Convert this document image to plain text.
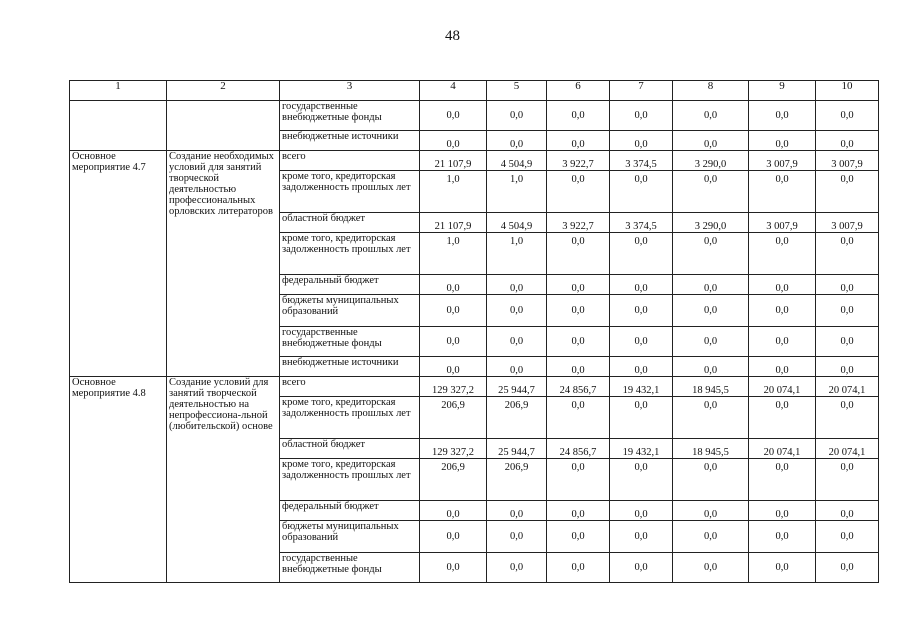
48
1	2	3	4	5	6	7	8	9	10
		государственные внебюджетные фонды	0,0	0,0	0,0	0,0	0,0	0,0	0,0
		внебюджетные источники	0,0	0,0	0,0	0,0	0,0	0,0	0,0
Основное мероприятие 4.7	Создание необходимых условий для занятий творческой деятельностью профессиональных орловских литераторов	всего	21 107,9	4 504,9	3 922,7	3 374,5	3 290,0	3 007,9	3 007,9
		кроме того, кредиторская задолженность прошлых лет	1,0	1,0	0,0	0,0	0,0	0,0	0,0
		областной бюджет	21 107,9	4 504,9	3 922,7	3 374,5	3 290,0	3 007,9	3 007,9
		кроме того, кредиторская задолженность прошлых лет	1,0	1,0	0,0	0,0	0,0	0,0	0,0
		федеральный бюджет	0,0	0,0	0,0	0,0	0,0	0,0	0,0
		бюджеты муниципальных образований	0,0	0,0	0,0	0,0	0,0	0,0	0,0
		государственные внебюджетные фонды	0,0	0,0	0,0	0,0	0,0	0,0	0,0
		внебюджетные источники	0,0	0,0	0,0	0,0	0,0	0,0	0,0
Основное мероприятие 4.8	Создание условий для занятий творческой деятельностью на непрофессиона-льной (любительской) основе	всего	129 327,2	25 944,7	24 856,7	19 432,1	18 945,5	20 074,1	20 074,1
		кроме того, кредиторская задолженность прошлых лет	206,9	206,9	0,0	0,0	0,0	0,0	0,0
		областной бюджет	129 327,2	25 944,7	24 856,7	19 432,1	18 945,5	20 074,1	20 074,1
		кроме того, кредиторская задолженность прошлых лет	206,9	206,9	0,0	0,0	0,0	0,0	0,0
		федеральный бюджет	0,0	0,0	0,0	0,0	0,0	0,0	0,0
		бюджеты муниципальных образований	0,0	0,0	0,0	0,0	0,0	0,0	0,0
		государственные внебюджетные фонды	0,0	0,0	0,0	0,0	0,0	0,0	0,0
